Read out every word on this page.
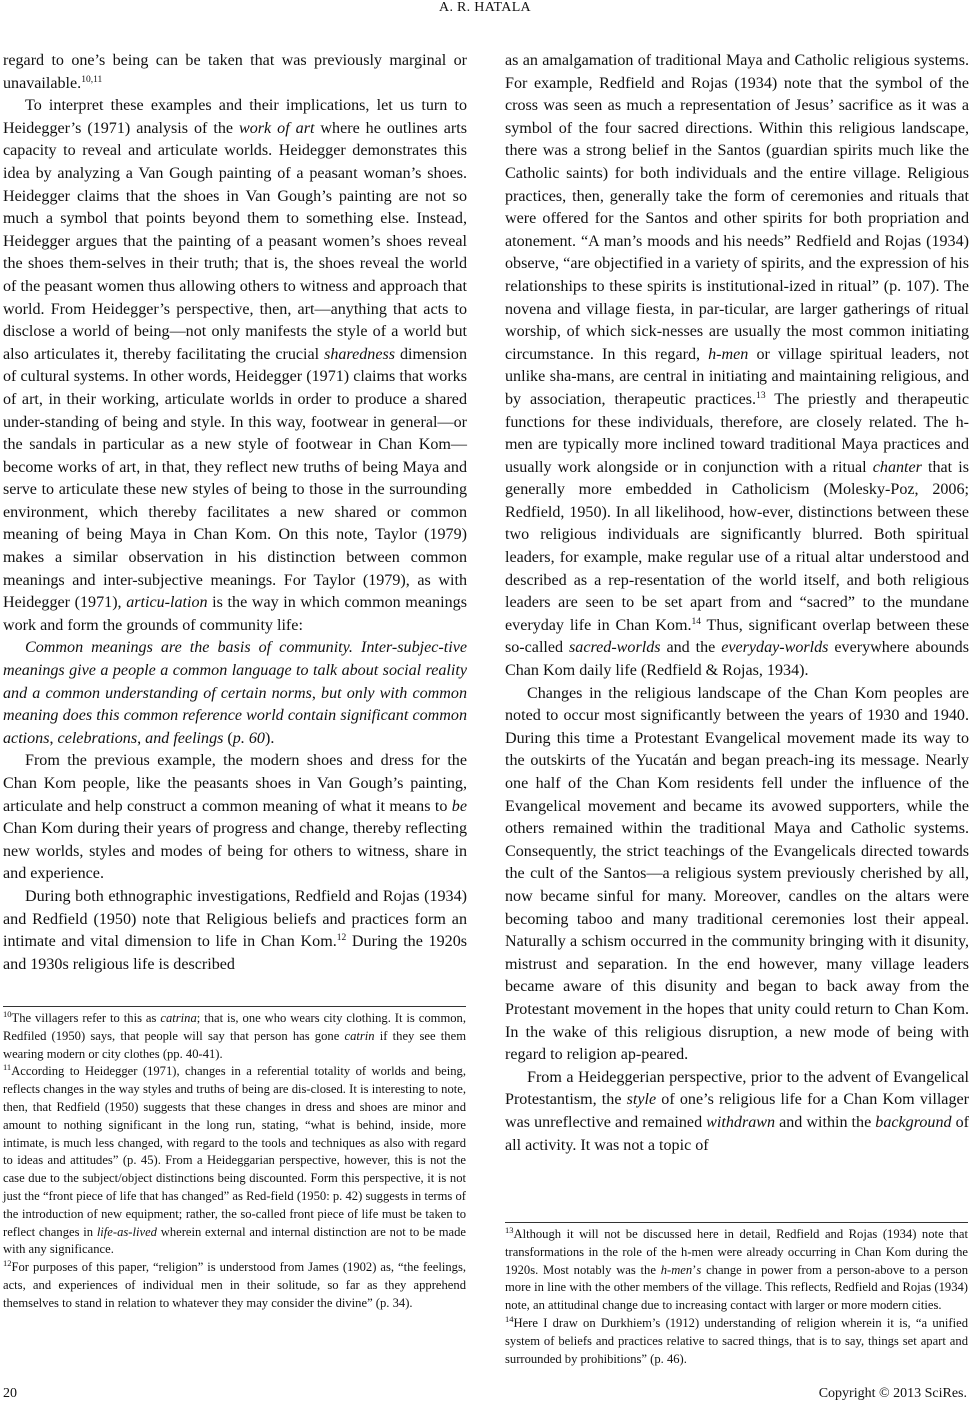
A. R. HATALA

regard to one’s being can be taken that was previously marginal or unavailable.$^{10,11}$

To interpret these examples and their implications, let us turn to Heidegger’s (1971) analysis of the work of art where he outlines arts capacity to reveal and articulate worlds. Heidegger demonstrates this idea by analyzing a Van Gough painting of a peasant woman’s shoes. Heidegger claims that the shoes in Van Gough’s painting are not so much a symbol that points beyond them to something else. Instead, Heidegger argues that the painting of a peasant women’s shoes reveal the shoes them-selves in their truth; that is, the shoes reveal the world of the peasant women thus allowing others to witness and approach that world. From Heidegger’s perspective, then, art—anything that acts to disclose a world of being—not only manifests the style of a world but also articulates it, thereby facilitating the crucial sharedness dimension of cultural systems. In other words, Heidegger (1971) claims that works of art, in their working, articulate worlds in order to produce a shared under-standing of being and style. In this way, footwear in general—or the sandals in particular as a new style of footwear in Chan Kom—become works of art, in that, they reflect new truths of being Maya and serve to articulate these new styles of being to those in the surrounding environment, which thereby facilitates a new shared or common meaning of being Maya in Chan Kom. On this note, Taylor (1979) makes a similar observation in his distinction between common meanings and inter-subjective meanings. For Taylor (1979), as with Heidegger (1971), articu-lation is the way in which common meanings work and form the grounds of community life:

Common meanings are the basis of community. Inter-subjec-tive meanings give a people a common language to talk about social reality and a common understanding of certain norms, but only with common meaning does this common reference world contain significant common actions, celebrations, and feelings (p. 60).

From the previous example, the modern shoes and dress for the Chan Kom people, like the peasants shoes in Van Gough’s painting, articulate and help construct a common meaning of what it means to be Chan Kom during their years of progress and change, thereby reflecting new worlds, styles and modes of being for others to witness, share in and experience.

During both ethnographic investigations, Redfield and Rojas (1934) and Redfield (1950) note that Religious beliefs and practices form an intimate and vital dimension to life in Chan Kom.$^{12}$ During the 1920s and 1930s religious life is described

$^{10}$The villagers refer to this as catrina; that is, one who wears city clothing. It is common, Redfiled (1950) says, that people will say that person has gone catrin if they see them wearing modern or city clothes (pp. 40-41).

$^{11}$According to Heidegger (1971), changes in a referential totality of worlds and being, reflects changes in the way styles and truths of being are dis-closed. It is interesting to note, then, that Redfield (1950) suggests that these changes in dress and shoes are minor and amount to nothing significant in the long run, stating, “what is behind, inside, more intimate, is much less changed, with regard to the tools and techniques as also with regard to ideas and attitudes” (p. 45). From a Heideggarian perspective, however, this is not the case due to the subject/object distinctions being discounted. Form this perspective, it is not just the “front piece of life that has changed” as Red-field (1950: p. 42) suggests in terms of the introduction of new equipment; rather, the so-called front piece of life must be taken to reflect changes in life-as-lived wherein external and internal distinction are not to be made with any significance.

$^{12}$For purposes of this paper, “religion” is understood from James (1902) as, “the feelings, acts, and experiences of individual men in their solitude, so far as they apprehend themselves to stand in relation to whatever they may consider the divine” (p. 34).

as an amalgamation of traditional Maya and Catholic religious systems. For example, Redfield and Rojas (1934) note that the symbol of the cross was seen as much a representation of Jesus’ sacrifice as it was a symbol of the four sacred directions. Within this religious landscape, there was a strong belief in the Santos (guardian spirits much like the Catholic saints) for both individuals and the entire village. Religious practices, then, generally take the form of ceremonies and rituals that were offered for the Santos and other spirits for both propriation and atonement. “A man’s moods and his needs” Redfield and Rojas (1934) observe, “are objectified in a variety of spirits, and the expression of his relationships to these spirits is institutional-ized in ritual” (p. 107). The novena and village fiesta, in par-ticular, are larger gatherings of ritual worship, of which sick-nesses are usually the most common initiating circumstance. In this regard, h-men or village spiritual leaders, not unlike sha-mans, are central in initiating and maintaining religious, and by association, therapeutic practices.$^{13}$ The priestly and therapeutic functions for these individuals, therefore, are closely related. The h-men are typically more inclined toward traditional Maya practices and usually work alongside or in conjunction with a ritual chanter that is generally more embedded in Catholicism (Molesky-Poz, 2006; Redfield, 1950). In all likelihood, how-ever, distinctions between these two religious individuals are significantly blurred. Both spiritual leaders, for example, make regular use of a ritual altar understood and described as a rep-resentation of the world itself, and both religious leaders are seen to be set apart from and “sacred” to the mundane everyday life in Chan Kom.$^{14}$ Thus, significant overlap between these so-called sacred-worlds and the everyday-worlds everywhere abounds Chan Kom daily life (Redfield & Rojas, 1934).

Changes in the religious landscape of the Chan Kom peoples are noted to occur most significantly between the years of 1930 and 1940. During this time a Protestant Evangelical movement made its way to the outskirts of the Yucatán and began preach-ing its message. Nearly one half of the Chan Kom residents fell under the influence of the Evangelical movement and became its avowed supporters, while the others remained within the traditional Maya and Catholic systems. Consequently, the strict teachings of the Evangelicals directed towards the cult of the Santos—a religious system previously cherished by all, now became sinful for many. Moreover, candles on the altars were becoming taboo and many traditional ceremonies lost their appeal. Naturally a schism occurred in the community bringing with it disunity, mistrust and separation. In the end however, many village leaders became aware of this disunity and began to back away from the Protestant movement in the hopes that unity could return to Chan Kom. In the wake of this religious disruption, a new mode of being with regard to religion ap-peared.

From a Heideggerian perspective, prior to the advent of Evangelical Protestantism, the style of one’s religious life for a Chan Kom villager was unreflective and remained withdrawn and within the background of all activity. It was not a topic of

$^{13}$Although it will not be discussed here in detail, Redfield and Rojas (1934) note that transformations in the role of the h-men were already occurring in Chan Kom during the 1920s. Most notably was the h-men’s change in power from a person-above to a person more in line with the other members of the village. This reflects, Redfield and Rojas (1934) note, an attitudinal change due to increasing contact with larger or more modern cities.

$^{14}$Here I draw on Durkhiem’s (1912) understanding of religion wherein it is, “a unified system of beliefs and practices relative to sacred things, that is to say, things set apart and surrounded by prohibitions” (p. 46).

20	Copyright © 2013 SciRes.
